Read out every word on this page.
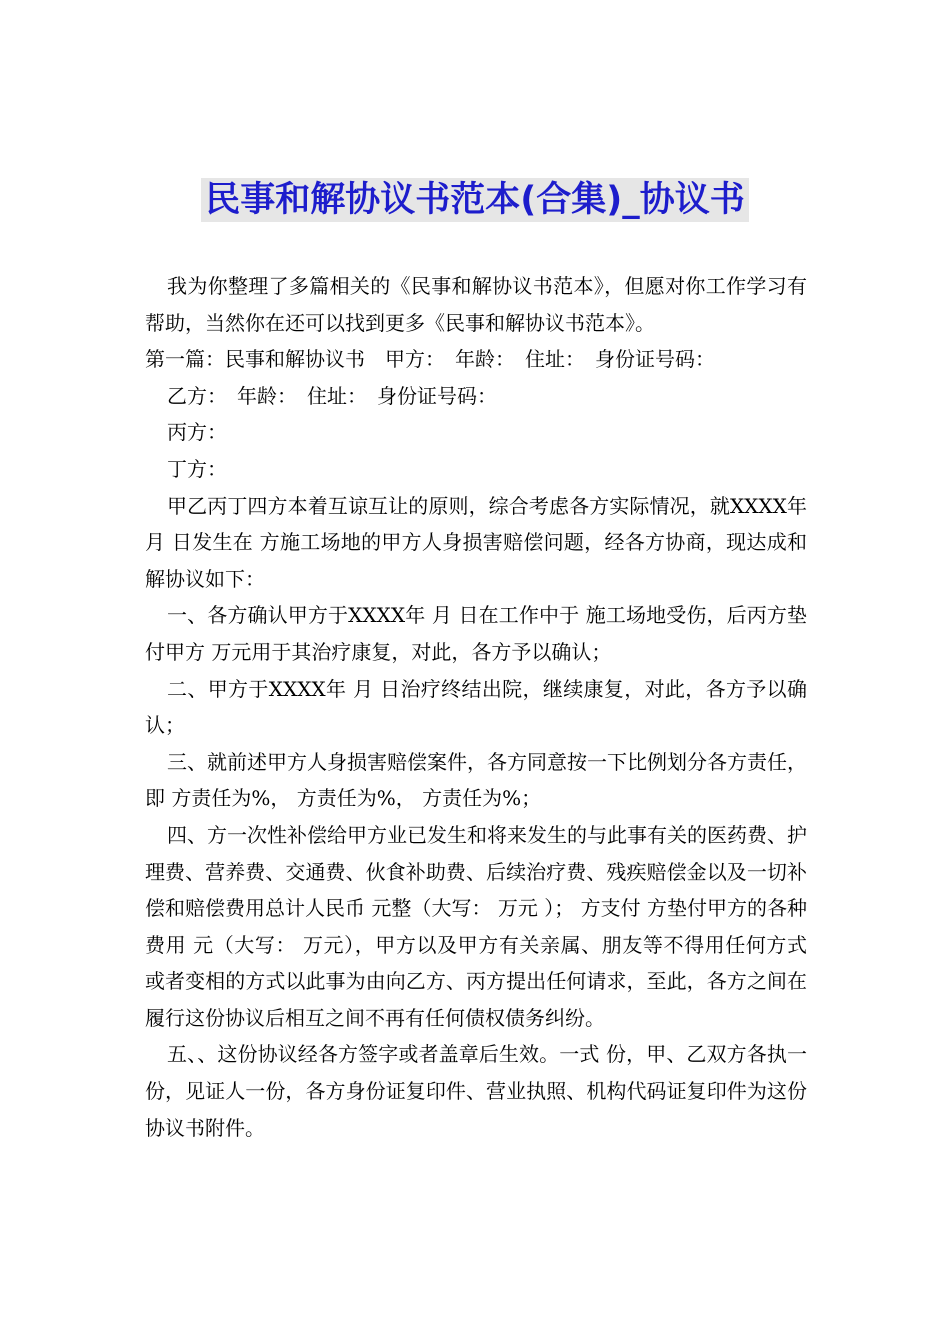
民事和解协议书范本(合集)_协议书

我为你整理了多篇相关的《民事和解协议书范本》，但愿对你工作学习有帮助，当然你在还可以找到更多《民事和解协议书范本》。

第一篇：民事和解协议书　甲方：　年龄：　住址：　身份证号码：

乙方：　年龄：　住址：　身份证号码：

丙方：

丁方：

甲乙丙丁四方本着互谅互让的原则，综合考虑各方实际情况，就XXXX年 月 日发生在 方施工场地的甲方人身损害赔偿问题，经各方协商，现达成和解协议如下：

一、各方确认甲方于XXXX年 月 日在工作中于 施工场地受伤，后丙方垫付甲方 万元用于其治疗康复，对此，各方予以确认；

二、甲方于XXXX年 月 日治疗终结出院，继续康复，对此，各方予以确认；

三、就前述甲方人身损害赔偿案件，各方同意按一下比例划分各方责任，即 方责任为%， 方责任为%， 方责任为%；

四、方一次性补偿给甲方业已发生和将来发生的与此事有关的医药费、护理费、营养费、交通费、伙食补助费、后续治疗费、残疾赔偿金以及一切补偿和赔偿费用总计人民币 元整（大写： 万元 ）； 方支付 方垫付甲方的各种费用 元（大写： 万元），甲方以及甲方有关亲属、朋友等不得用任何方式或者变相的方式以此事为由向乙方、丙方提出任何请求，至此，各方之间在履行这份协议后相互之间不再有任何债权债务纠纷。

五、、这份协议经各方签字或者盖章后生效。一式 份，甲、乙双方各执一份，见证人一份，各方身份证复印件、营业执照、机构代码证复印件为这份协议书附件。
